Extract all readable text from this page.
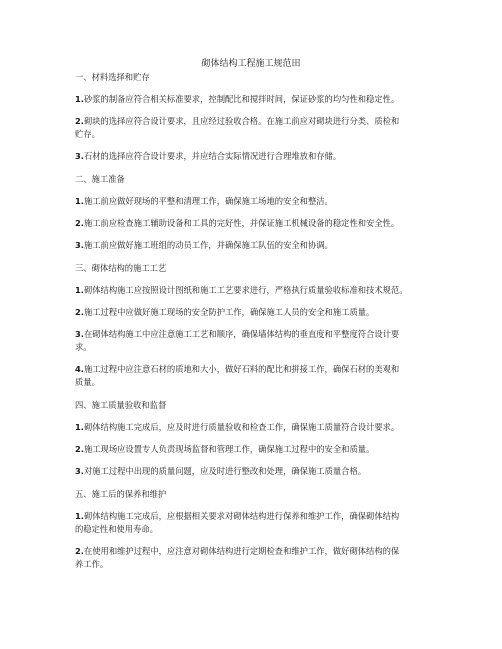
砌体结构工程施工规范田
一、材料选择和贮存
1.砂浆的制备应符合相关标准要求，控制配比和搅拌时间，保证砂浆的均匀性和稳定性。
2.砌块的选择应符合设计要求，且应经过验收合格。在施工前应对砌块进行分类、质检和
贮存。
3.石材的选择应符合设计要求，并应结合实际情况进行合理堆放和存储。
二、施工准备
1.施工前应做好现场的平整和清理工作，确保施工场地的安全和整洁。
2.施工前应检查施工辅助设备和工具的完好性，并保证施工机械设备的稳定性和安全性。
3.施工前应做好施工班组的动员工作，并确保施工队伍的安全和协调。
三、砌体结构的施工工艺
1.砌体结构施工应按照设计图纸和施工工艺要求进行，严格执行质量验收标准和技术规范。
2.施工过程中应做好施工现场的安全防护工作，确保施工人员的安全和施工质量。
3.在砌体结构施工中应注意施工工艺和顺序，确保墙体结构的垂直度和平整度符合设计要
求。
4.施工过程中应注意石材的质地和大小，做好石料的配比和拼接工作，确保石材的美观和
质量。
四、施工质量验收和监督
1.砌体结构施工完成后，应及时进行质量验收和检查工作，确保施工质量符合设计要求。
2.施工现场应设置专人负责现场监督和管理工作，确保施工过程中的安全和质量。
3.对施工过程中出现的质量问题，应及时进行整改和处理，确保施工质量合格。
五、施工后的保养和维护
1.砌体结构施工完成后，应根据相关要求对砌体结构进行保养和维护工作，确保砌体结构
的稳定性和使用寿命。
2.在使用和维护过程中，应注意对砌体结构进行定期检查和维护工作，做好砌体结构的保
养工作。
